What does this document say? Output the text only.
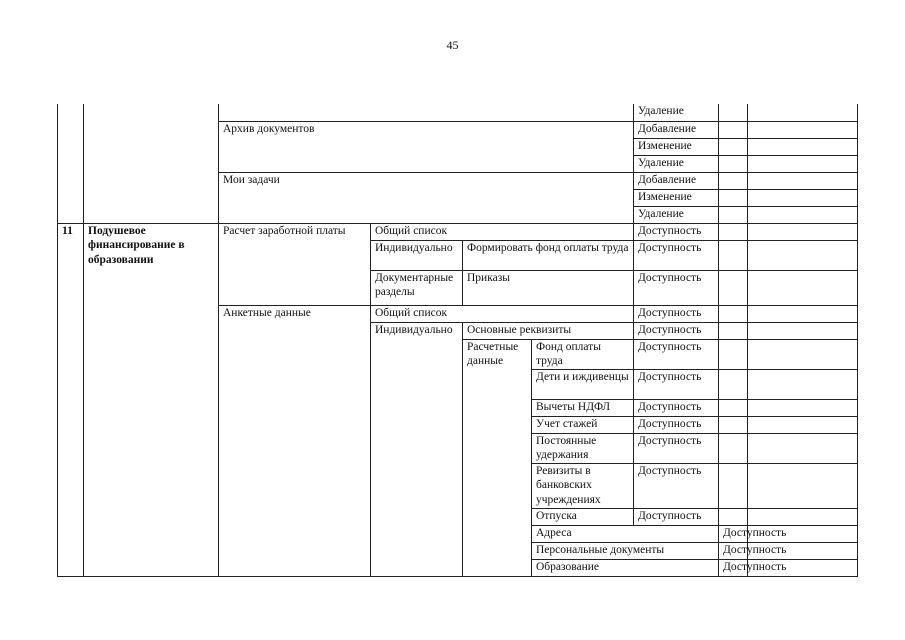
45
						Удаление			
		Архив документов				Добавление			
						Изменение			
						Удаление			
		Мои задачи				Добавление			
						Изменение			
						Удаление			
11	Подушевое финансирование в образовании	Расчет заработной платы	Общий список			Доступность			
			Индивидуально	Формировать фонд оплаты труда		Доступность			
			Документарные разделы	Приказы		Доступность			
		Анкетные данные	Общий список			Доступность			
			Индивидуально	Основные реквизиты		Доступность			
				Расчетные данные	Фонд оплаты труда	Доступность			
					Дети и иждивенцы	Доступность			
					Вычеты НДФЛ	Доступность			
					Учет стажей	Доступность			
					Постоянные удержания	Доступность			
					Ревизиты в банковских учреждениях	Доступность			
					Отпуска	Доступность			
					Адреса		Доступность		
					Персональные документы		Доступность		
					Образование		Доступность		
